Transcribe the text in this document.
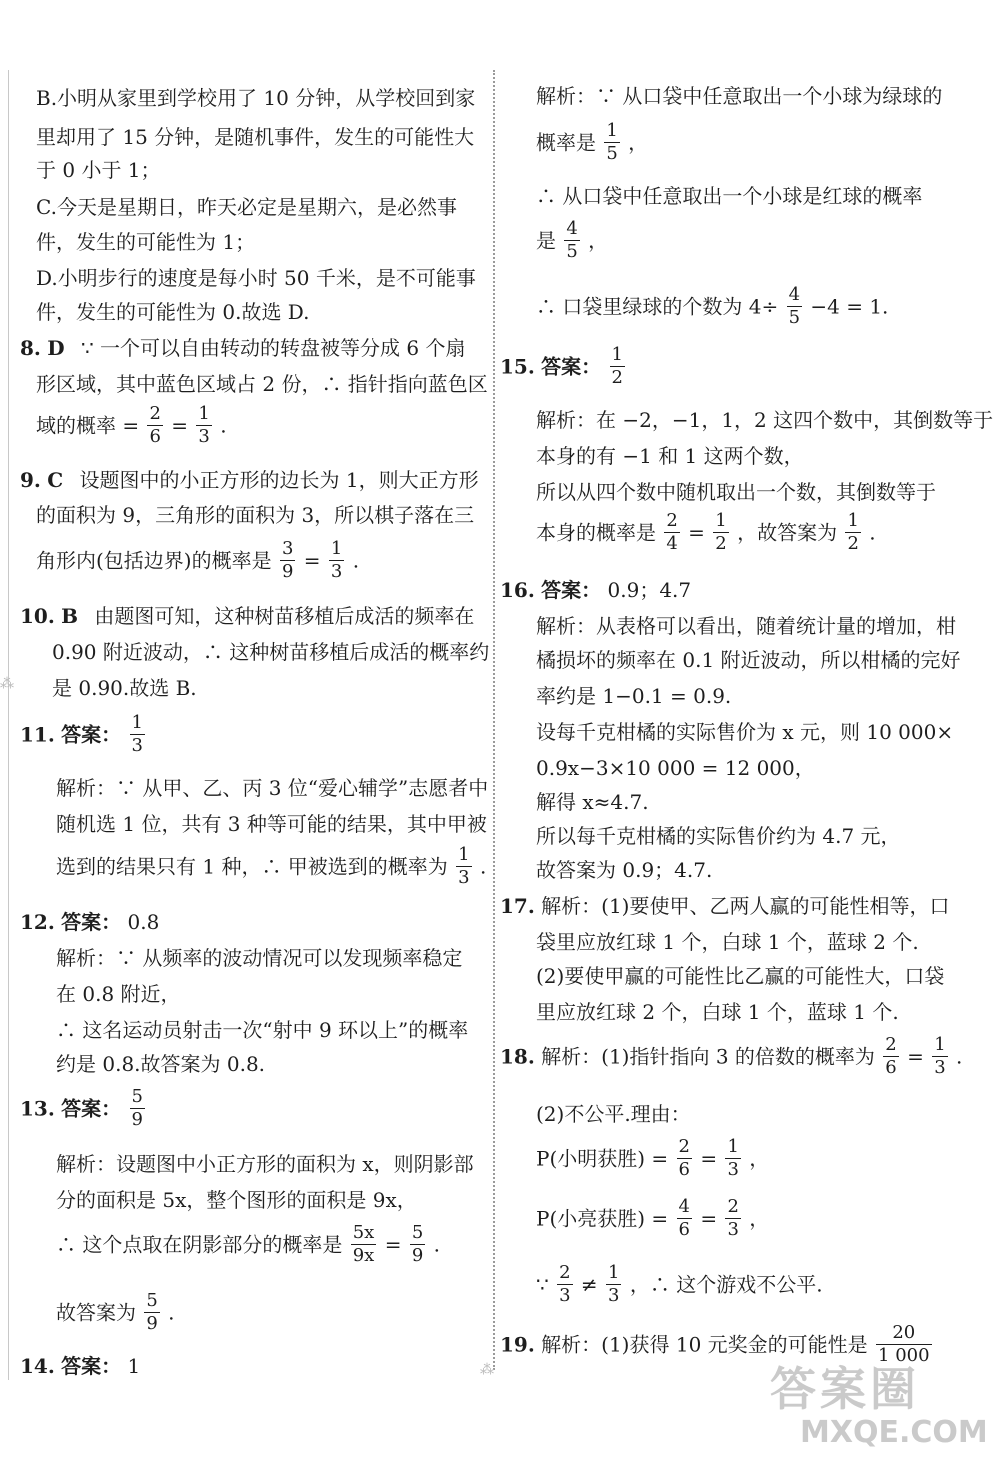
⁂
⁂
B.小明从家里到学校用了 10 分钟，从学校回到家
里却用了 15 分钟，是随机事件，发生的可能性大
于 0 小于 1；
C.今天是星期日，昨天必定是星期六，是必然事
件，发生的可能性为 1；
D.小明步行的速度是每小时 50 千米，是不可能事
件，发生的可能性为 0.故选 D.
8. D ∵ 一个可以自由转动的转盘被等分成 6 个扇
形区域，其中蓝色区域占 2 份，∴ 指针指向蓝色区
域的概率 = $\frac{2}{6} = \frac{1}{3}$ .
9. C 设题图中的小正方形的边长为 1，则大正方形
的面积为 9，三角形的面积为 3，所以棋子落在三
角形内(包括边界)的概率是 $\frac{3}{9} = \frac{1}{3}$ .
10. B 由题图可知，这种树苗移植后成活的频率在
0.90 附近波动，∴ 这种树苗移植后成活的概率约
是 0.90.故选 B.
11. 答案： $\frac{1}{3}$
解析：∵ 从甲、乙、丙 3 位“爱心辅学”志愿者中
随机选 1 位，共有 3 种等可能的结果，其中甲被
选到的结果只有 1 种，∴ 甲被选到的概率为 $\frac{1}{3}$ .
12. 答案： 0.8
解析：∵ 从频率的波动情况可以发现频率稳定
在 0.8 附近，
∴ 这名运动员射击一次“射中 9 环以上”的概率
约是 0.8.故答案为 0.8.
13. 答案： $\frac{5}{9}$
解析：设题图中小正方形的面积为 x，则阴影部
分的面积是 5x，整个图形的面积是 9x，
∴ 这个点取在阴影部分的概率是 $\frac{5x}{9x} = \frac{5}{9}$ .
故答案为 $\frac{5}{9}$ .
14. 答案： 1
解析：∵ 从口袋中任意取出一个小球为绿球的
概率是 $\frac{1}{5}$ ，
∴ 从口袋中任意取出一个小球是红球的概率
是 $\frac{4}{5}$ ，
∴ 口袋里绿球的个数为 $4\div \frac{4}{5} -4 = 1$.
15. 答案： $\frac{1}{2}$
解析：在 −2，−1，1，2 这四个数中，其倒数等于
本身的有 −1 和 1 这两个数，
所以从四个数中随机取出一个数，其倒数等于
本身的概率是 $\frac{2}{4} = \frac{1}{2}$ ，故答案为 $\frac{1}{2}$ .
16. 答案： 0.9；4.7
解析：从表格可以看出，随着统计量的增加，柑
橘损坏的频率在 0.1 附近波动，所以柑橘的完好
率约是 1−0.1 = 0.9.
设每千克柑橘的实际售价为 x 元，则 10 000×
0.9x−3×10 000 = 12 000，
解得 x≈4.7.
所以每千克柑橘的实际售价约为 4.7 元，
故答案为 0.9；4.7.
17. 解析：(1)要使甲、乙两人赢的可能性相等，口
袋里应放红球 1 个，白球 1 个，蓝球 2 个.
(2)要使甲赢的可能性比乙赢的可能性大，口袋
里应放红球 2 个，白球 1 个，蓝球 1 个.
18. 解析：(1)指针指向 3 的倍数的概率为 $\frac{2}{6} = \frac{1}{3}$ .
(2)不公平.理由：
P(小明获胜) = $\frac{2}{6} = \frac{1}{3}$ ，
P(小亮获胜) = $\frac{4}{6} = \frac{2}{3}$ ，
∵ $\frac{2}{3} \ne \frac{1}{3}$ ，∴ 这个游戏不公平.
19. 解析：(1)获得 10 元奖金的可能性是 $\frac{20}{1 000}$
答案圈
MXQE.COM
